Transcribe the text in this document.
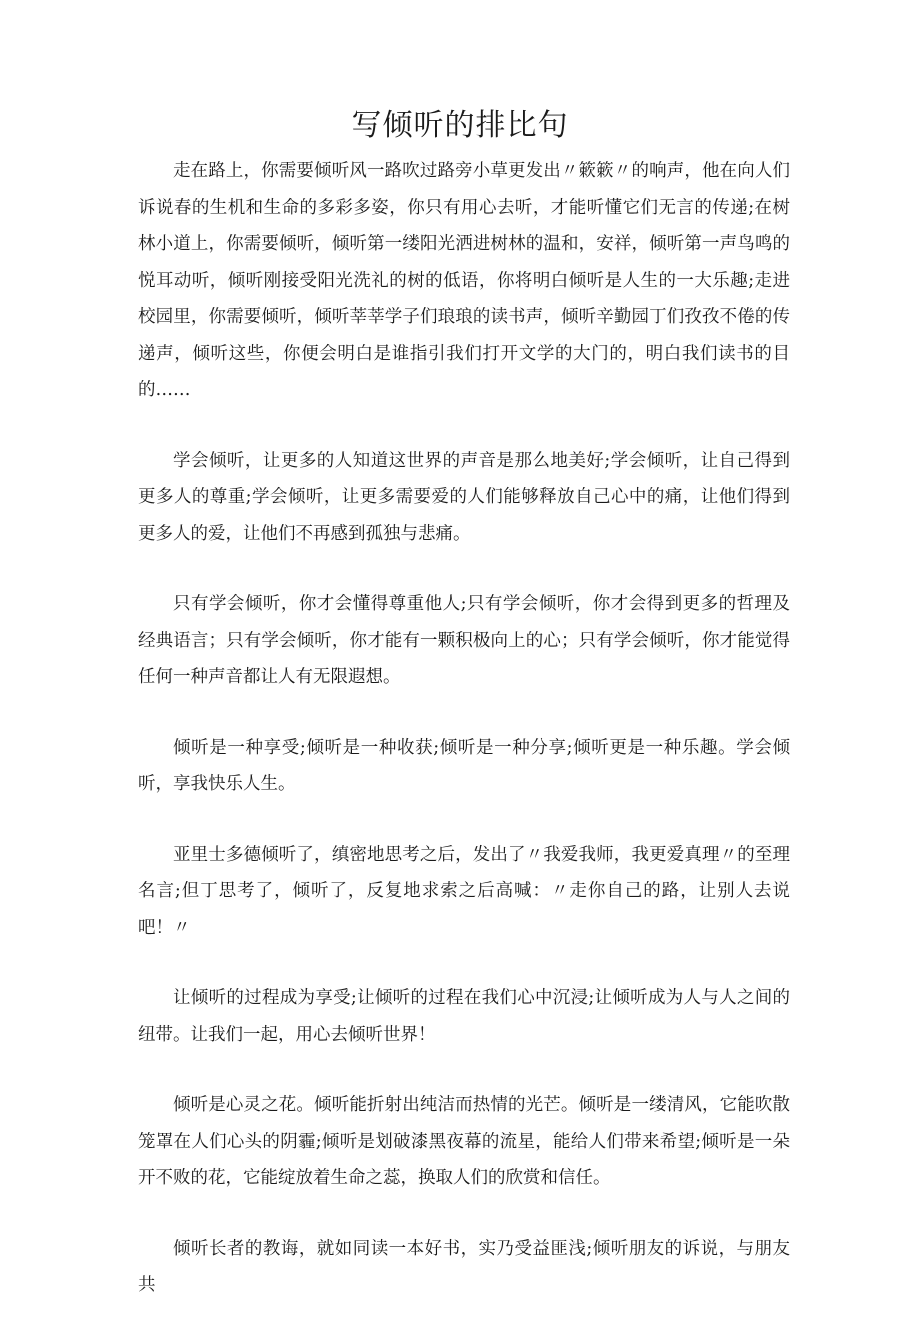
写倾听的排比句

走在路上，你需要倾听风一路吹过路旁小草更发出〃簌簌〃的响声，他在向人们诉说春的生机和生命的多彩多姿，你只有用心去听，才能听懂它们无言的传递;在树林小道上，你需要倾听，倾听第一缕阳光洒进树林的温和，安祥，倾听第一声鸟鸣的悦耳动听，倾听刚接受阳光洗礼的树的低语，你将明白倾听是人生的一大乐趣;走进校园里，你需要倾听，倾听莘莘学子们琅琅的读书声，倾听辛勤园丁们孜孜不倦的传递声，倾听这些，你便会明白是谁指引我们打开文学的大门的，明白我们读书的目的……

学会倾听，让更多的人知道这世界的声音是那么地美好;学会倾听，让自己得到更多人的尊重;学会倾听，让更多需要爱的人们能够释放自己心中的痛，让他们得到更多人的爱，让他们不再感到孤独与悲痛。

只有学会倾听，你才会懂得尊重他人;只有学会倾听，你才会得到更多的哲理及经典语言；只有学会倾听，你才能有一颗积极向上的心；只有学会倾听，你才能觉得任何一种声音都让人有无限遐想。

倾听是一种享受;倾听是一种收获;倾听是一种分享;倾听更是一种乐趣。学会倾听，享我快乐人生。

亚里士多德倾听了，缜密地思考之后，发出了〃我爱我师，我更爱真理〃的至理名言;但丁思考了，倾听了，反复地求索之后高喊：〃走你自己的路，让别人去说吧！〃

让倾听的过程成为享受;让倾听的过程在我们心中沉浸;让倾听成为人与人之间的纽带。让我们一起，用心去倾听世界！

倾听是心灵之花。倾听能折射出纯洁而热情的光芒。倾听是一缕清风，它能吹散笼罩在人们心头的阴霾;倾听是划破漆黑夜幕的流星，能给人们带来希望;倾听是一朵开不败的花，它能绽放着生命之蕊，换取人们的欣赏和信任。

倾听长者的教诲，就如同读一本好书，实乃受益匪浅;倾听朋友的诉说，与朋友共
